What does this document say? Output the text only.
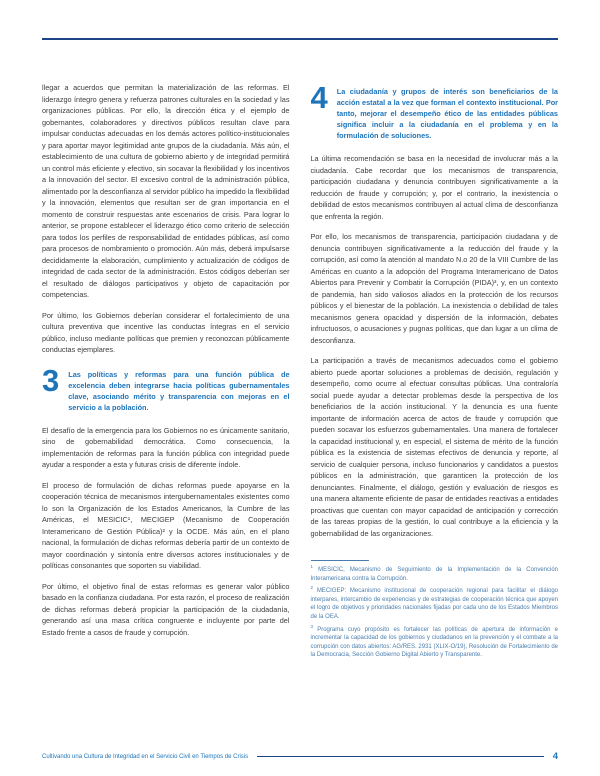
llegar a acuerdos que permitan la materialización de las reformas. El liderazgo íntegro genera y refuerza patrones culturales en la sociedad y las organizaciones públicas. Por ello, la dirección ética y el ejemplo de gobernantes, colaboradores y directivos públicos resultan clave para impulsar conductas adecuadas en los demás actores político-institucionales y para aportar mayor legitimidad ante grupos de la ciudadanía. Más aún, el establecimiento de una cultura de gobierno abierto y de integridad permitirá un control más eficiente y efectivo, sin socavar la flexibilidad y los incentivos a la innovación del sector. El excesivo control de la administración pública, alimentado por la desconfianza al servidor público ha impedido la flexibilidad y la innovación, elementos que resultan ser de gran importancia en el momento de construir respuestas ante escenarios de crisis. Para lograr lo anterior, se propone establecer el liderazgo ético como criterio de selección para todos los perfiles de responsabilidad de entidades públicas, así como para procesos de nombramiento o promoción. Aún más, deberá impulsarse decididamente la elaboración, cumplimiento y actualización de códigos de integridad de cada sector de la administración. Estos códigos deberían ser el resultado de diálogos participativos y objeto de capacitación por competencias.

Por último, los Gobiernos deberían considerar el fortalecimiento de una cultura preventiva que incentive las conductas íntegras en el servicio público, incluso mediante políticas que premien y reconozcan públicamente conductas ejemplares.

3 Las políticas y reformas para una función pública de excelencia deben integrarse hacia políticas gubernamentales clave, asociando mérito y transparencia con mejoras en el servicio a la población.

El desafío de la emergencia para los Gobiernos no es únicamente sanitario, sino de gobernabilidad democrática. Como consecuencia, la implementación de reformas para la función pública con integridad puede ayudar a responder a esta y futuras crisis de diferente índole.

El proceso de formulación de dichas reformas puede apoyarse en la cooperación técnica de mecanismos intergubernamentales existentes como lo son la Organización de los Estados Americanos, la Cumbre de las Américas, el MESICIC¹, MECIGEP (Mecanismo de Cooperación Interamericano de Gestión Pública)² y la OCDE. Más aún, en el plano nacional, la formulación de dichas reformas debería partir de un contexto de mayor coordinación y sintonía entre diversos actores institucionales y de políticas consonantes que soporten su viabilidad.

Por último, el objetivo final de estas reformas es generar valor público basado en la confianza ciudadana. Por esta razón, el proceso de realización de dichas reformas deberá propiciar la participación de la ciudadanía, generando así una masa crítica congruente e incluyente por parte del Estado frente a casos de fraude y corrupción.

4 La ciudadanía y grupos de interés son beneficiarios de la acción estatal a la vez que forman el contexto institucional. Por tanto, mejorar el desempeño ético de las entidades públicas significa incluir a la ciudadanía en el problema y en la formulación de soluciones.

La última recomendación se basa en la necesidad de involucrar más a la ciudadanía. Cabe recordar que los mecanismos de transparencia, participación ciudadana y denuncia contribuyen significativamente a la reducción de fraude y corrupción; y, por el contrario, la inexistencia o debilidad de estos mecanismos contribuyen al actual clima de desconfianza que enfrenta la región.

Por ello, los mecanismos de transparencia, participación ciudadana y de denuncia contribuyen significativamente a la reducción del fraude y la corrupción, así como la atención al mandato N.o 20 de la VIII Cumbre de las Américas en cuanto a la adopción del Programa Interamericano de Datos Abiertos para Prevenir y Combatir la Corrupción (PIDA)³, y, en un contexto de pandemia, han sido valiosos aliados en la protección de los recursos públicos y el bienestar de la población. La inexistencia o debilidad de tales mecanismos genera opacidad y dispersión de la información, debates infructuosos, o acusaciones y pugnas políticas, que dan lugar a un clima de desconfianza.

La participación a través de mecanismos adecuados como el gobierno abierto puede aportar soluciones a problemas de decisión, regulación y desempeño, como ocurre al efectuar consultas públicas. Una contraloría social puede ayudar a detectar problemas desde la perspectiva de los beneficiarios de la acción institucional. Y la denuncia es una fuente importante de información acerca de actos de fraude y corrupción que pueden socavar los esfuerzos gubernamentales. Una manera de fortalecer la capacidad institucional y, en especial, el sistema de mérito de la función pública es la existencia de sistemas efectivos de denuncia y reporte, al servicio de cualquier persona, incluso funcionarios y candidatos a puestos públicos en la administración, que garanticen la protección de los denunciantes. Finalmente, el diálogo, gestión y evaluación de riesgos es una manera altamente eficiente de pasar de entidades reactivas a entidades proactivas que cuentan con mayor capacidad de anticipación y corrección de las tareas propias de la gestión, lo cual contribuye a la eficiencia y la gobernabilidad de las organizaciones.

$^1$ MESICIC, Mecanismo de Seguimiento de la Implementación de la Convención Interamericana contra la Corrupción.

$^2$ MECIGEP: Mecanismo institucional de cooperación regional para facilitar el diálogo interpares, intercambio de experiencias y de estrategias de cooperación técnica que apoyen el logro de objetivos y prioridades nacionales fijadas por cada uno de los Estados Miembros de la OEA.

$^3$ Programa cuyo propósito es fortalecer las políticas de apertura de información e incrementar la capacidad de los gobiernos y ciudadanos en la prevención y el combate a la corrupción con datos abiertos: AG/RES. 2931 (XLIX-O/19), Resolución de Fortalecimiento de la Democracia, Sección Gobierno Digital Abierto y Transparente.

Cultivando una Cultura de Integridad en el Servicio Civil en Tiempos de Crisis	4
